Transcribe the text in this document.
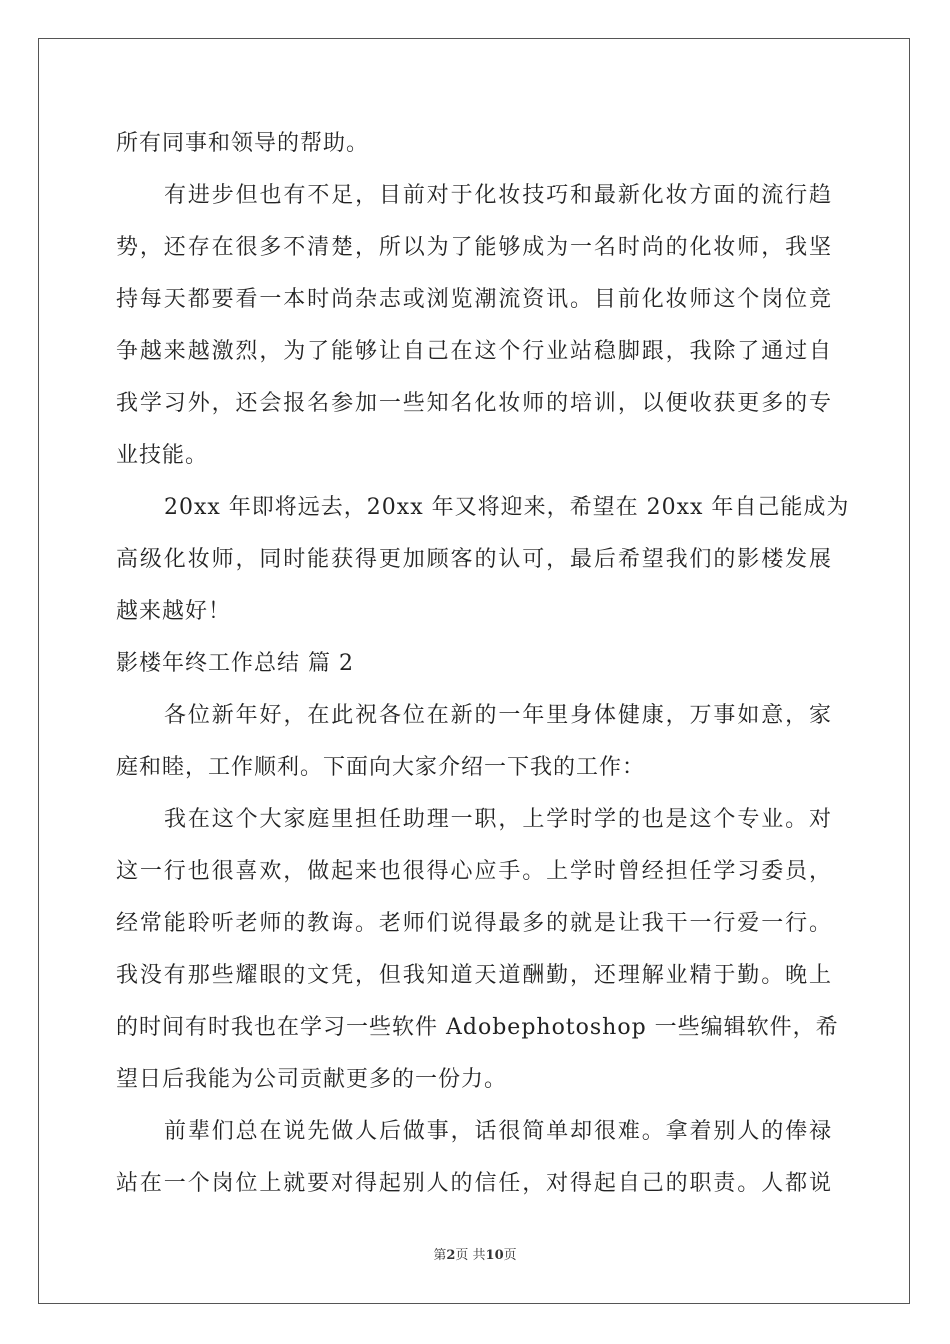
所有同事和领导的帮助。
有进步但也有不足，目前对于化妆技巧和最新化妆方面的流行趋
势，还存在很多不清楚，所以为了能够成为一名时尚的化妆师，我坚
持每天都要看一本时尚杂志或浏览潮流资讯。目前化妆师这个岗位竞
争越来越激烈，为了能够让自己在这个行业站稳脚跟，我除了通过自
我学习外，还会报名参加一些知名化妆师的培训，以便收获更多的专
业技能。
20xx 年即将远去，20xx 年又将迎来，希望在 20xx 年自己能成为
高级化妆师，同时能获得更加顾客的认可，最后希望我们的影楼发展
越来越好！
影楼年终工作总结 篇 2
各位新年好，在此祝各位在新的一年里身体健康，万事如意，家
庭和睦，工作顺利。下面向大家介绍一下我的工作：
我在这个大家庭里担任助理一职，上学时学的也是这个专业。对
这一行也很喜欢，做起来也很得心应手。上学时曾经担任学习委员，
经常能聆听老师的教诲。老师们说得最多的就是让我干一行爱一行。
我没有那些耀眼的文凭，但我知道天道酬勤，还理解业精于勤。晚上
的时间有时我也在学习一些软件 Adobephotoshop 一些编辑软件，希
望日后我能为公司贡献更多的一份力。
前辈们总在说先做人后做事，话很简单却很难。拿着别人的俸禄
站在一个岗位上就要对得起别人的信任，对得起自己的职责。人都说
第2页 共10页
